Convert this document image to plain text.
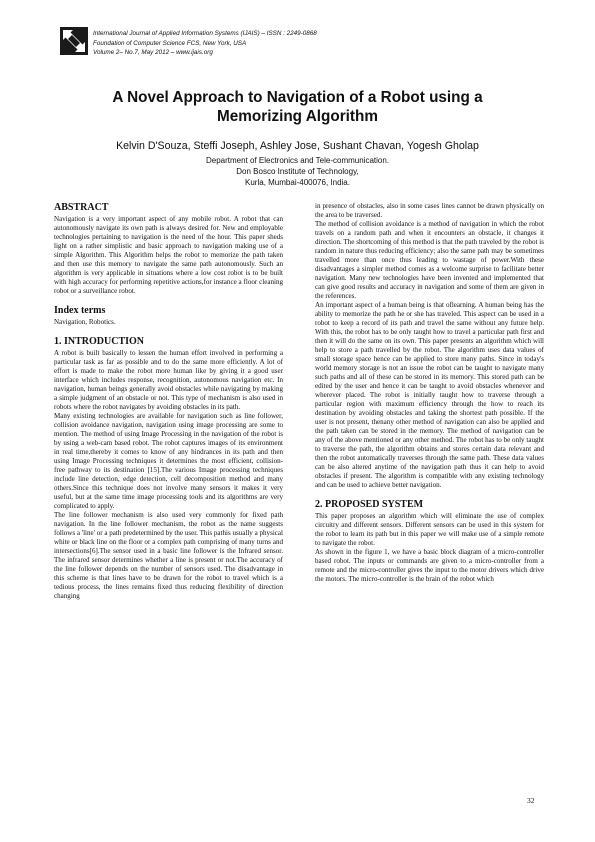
International Journal of Applied Information Systems (IJAIS) – ISSN : 2249-0868
Foundation of Computer Science FCS, New York, USA
Volume 2– No.7, May 2012 – www.ijais.org
A Novel Approach to Navigation of a Robot using a
Memorizing Algorithm
Kelvin D'Souza, Steffi Joseph, Ashley Jose, Sushant Chavan, Yogesh Gholap
Department of Electronics and Tele-communication.
Don Bosco Institute of Technology,
Kurla, Mumbai-400076, India.
ABSTRACT

Navigation is a very important aspect of any mobile robot. A robot that can autonomously navigate its own path is always desired for. New and employable technologies pertaining to navigation is the need of the hour. This paper sheds light on a rather simplistic and basic approach to navigation making use of a simple Algorithm. This Algorithm helps the robot to memorize the path taken and then use this memory to navigate the same path autonomously. Such an algorithm is very applicable in situations where a low cost robot is to be built with high accuracy for performing repetitive actions,for instance a floor cleaning robot or a surveillance robot.

Index terms

Navigation, Robotics.

1. INTRODUCTION

A robot is built basically to lessen the human effort involved in performing a particular task as far as possible and to do the same more efficiently. A lot of effort is made to make the robot more human like by giving it a good user interface which includes response, recognition, autonomous navigation etc. In navigation, human beings generally avoid obstacles while navigating by making a simple judgment of an obstacle or not. This type of mechanism is also used in robots where the robot navigates by avoiding obstacles in its path.

Many existing technologies are available for navigation such as line follower, collision avoidance navigation, navigation using image processing are some to mention. The method of using Image Processing in the navigation of the robot is by using a web-cam based robot. The robot captures images of its environment in real time,thereby it comes to know of any hindrances in its path and then using Image Processing techniques it determines the most efficient, collision-free pathway to its destination [15].The various Image processing techniques include line detection, edge detection, cell decomposition method and many others.Since this technique does not involve many sensors it makes it very useful, but at the same time image processing tools and its algorithms are very complicated to apply.

The line follower mechanism is also used very commonly for fixed path navigation. In the line follower mechanism, the robot as the name suggests follows a 'line' or a path predetermined by the user. This pathis usually a physical white or black line on the floor or a complex path comprising of many turns and intersections[6].The sensor used in a basic line follower is the Infrared sensor. The infrared sensor determines whether a line is present or not.The accuracy of the line follower depends on the number of sensors used. The disadvantage in this scheme is that lines have to be drawn for the robot to travel which is a tedious process, the lines remains fixed thus reducing flexibility of direction changing

in presence of obstacles, also in some cases lines cannot be drawn physically on the area to be traversed.

The method of collision avoidance is a method of navigation in which the robot travels on a random path and when it encounters an obstacle, it changes it direction. The shortcoming of this method is that the path traveled by the robot is random in nature thus reducing efficiency; also the same path may be sometimes travelled more than once thus leading to wastage of power.With these disadvantages a simpler method comes as a welcome surprise to facilitate better navigation. Many new technologies have been invented and implemented that can give good results and accuracy in navigation and some of them are given in the references.

An important aspect of a human being is that oflearning. A human being has the ability to memorize the path he or she has traveled. This aspect can be used in a robot to keep a record of its path and travel the same without any future help. With this, the robot has to be only taught how to travel a particular path first and then it will do the same on its own. This paper presents an algorithm which will help to store a path travelled by the robot. The algorithm uses data values of small storage space hence can be applied to store many paths. Since in today's world memory storage is not an issue the robot can be taught to navigate many such paths and all of these can be stored in its memory. This stored path can be edited by the user and hence it can be taught to avoid obstacles whenever and wherever placed. The robot is initially taught how to traverse through a particular region with maximum efficiency through the how to reach its destination by avoiding obstacles and taking the shortest path possible. If the user is not present, thenany other method of navigation can also be applied and the path taken can be stored in the memory. The method of navigation can be any of the above mentioned or any other method. The robot has to be only taught to traverse the path, the algorithm obtains and stores certain data relevant and then the robot automatically traverses through the same path. These data values can be also altered anytime of the navigation path thus it can help to avoid obstacles if present. The algorithm is compatible with any existing technology and can be used to achieve better navigation.

2. PROPOSED SYSTEM

This paper proposes an algorithm which will eliminate the use of complex circuitry and different sensors. Different sensors can be used in this system for the robot to learn its path but in this paper we will make use of a simple remote to navigate the robot.

As shown in the figure 1, we have a basic block diagram of a micro-controller based robot. The inputs or commands are given to a micro-controller from a remote and the micro-controller gives the input to the motor drivers which drive the motors. The micro-controller is the brain of the robot which

32
